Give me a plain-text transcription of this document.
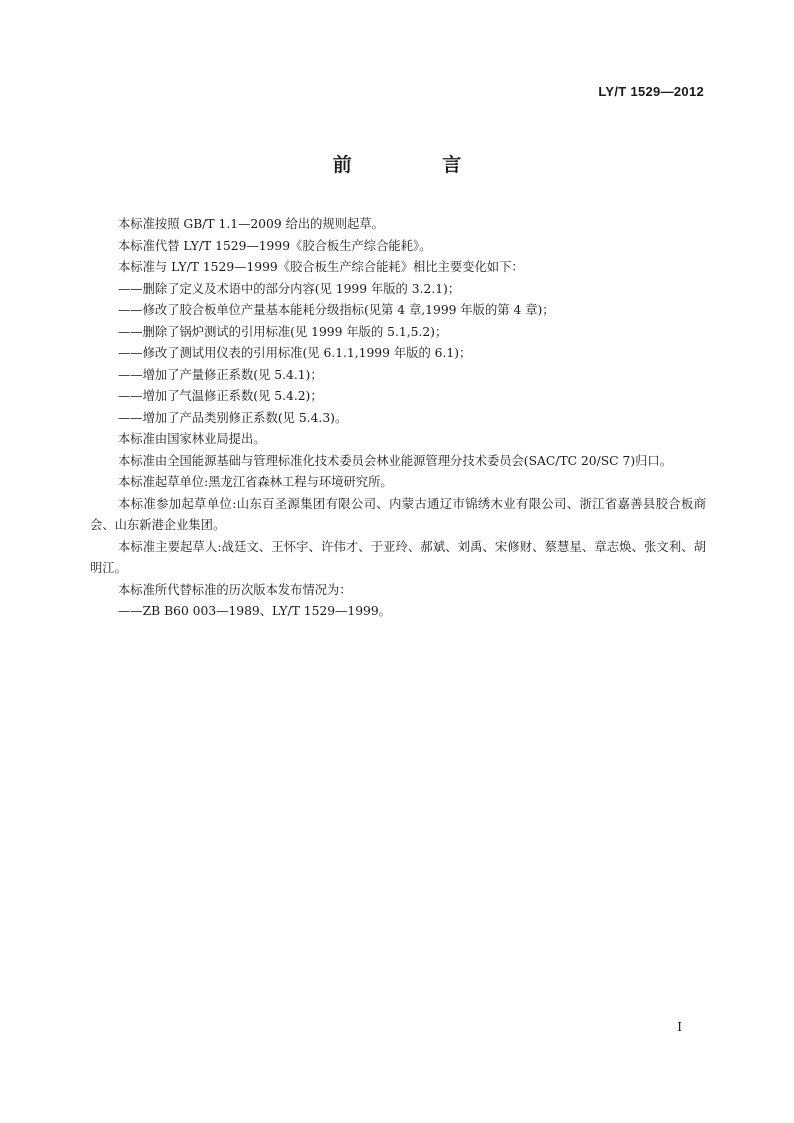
LY/T 1529—2012
前 言

本标准按照 GB/T 1.1—2009 给出的规则起草。

本标准代替 LY/T 1529—1999《胶合板生产综合能耗》。

本标准与 LY/T 1529—1999《胶合板生产综合能耗》相比主要变化如下：

——删除了定义及术语中的部分内容(见 1999 年版的 3.2.1)；

——修改了胶合板单位产量基本能耗分级指标(见第 4 章,1999 年版的第 4 章)；

——删除了锅炉测试的引用标准(见 1999 年版的 5.1,5.2)；

——修改了测试用仪表的引用标准(见 6.1.1,1999 年版的 6.1)；

——增加了产量修正系数(见 5.4.1)；

——增加了气温修正系数(见 5.4.2)；

——增加了产品类别修正系数(见 5.4.3)。

本标准由国家林业局提出。

本标准由全国能源基础与管理标准化技术委员会林业能源管理分技术委员会(SAC/TC 20/SC 7)归口。

本标准起草单位:黑龙江省森林工程与环境研究所。

本标准参加起草单位:山东百圣源集团有限公司、内蒙古通辽市锦绣木业有限公司、浙江省嘉善县胶合板商会、山东新港企业集团。

本标准主要起草人:战廷文、王怀宇、许伟才、于亚玲、郝斌、刘禹、宋修财、蔡慧星、章志焕、张文利、胡明江。

本标准所代替标准的历次版本发布情况为：

——ZB B60 003—1989、LY/T 1529—1999。

I
